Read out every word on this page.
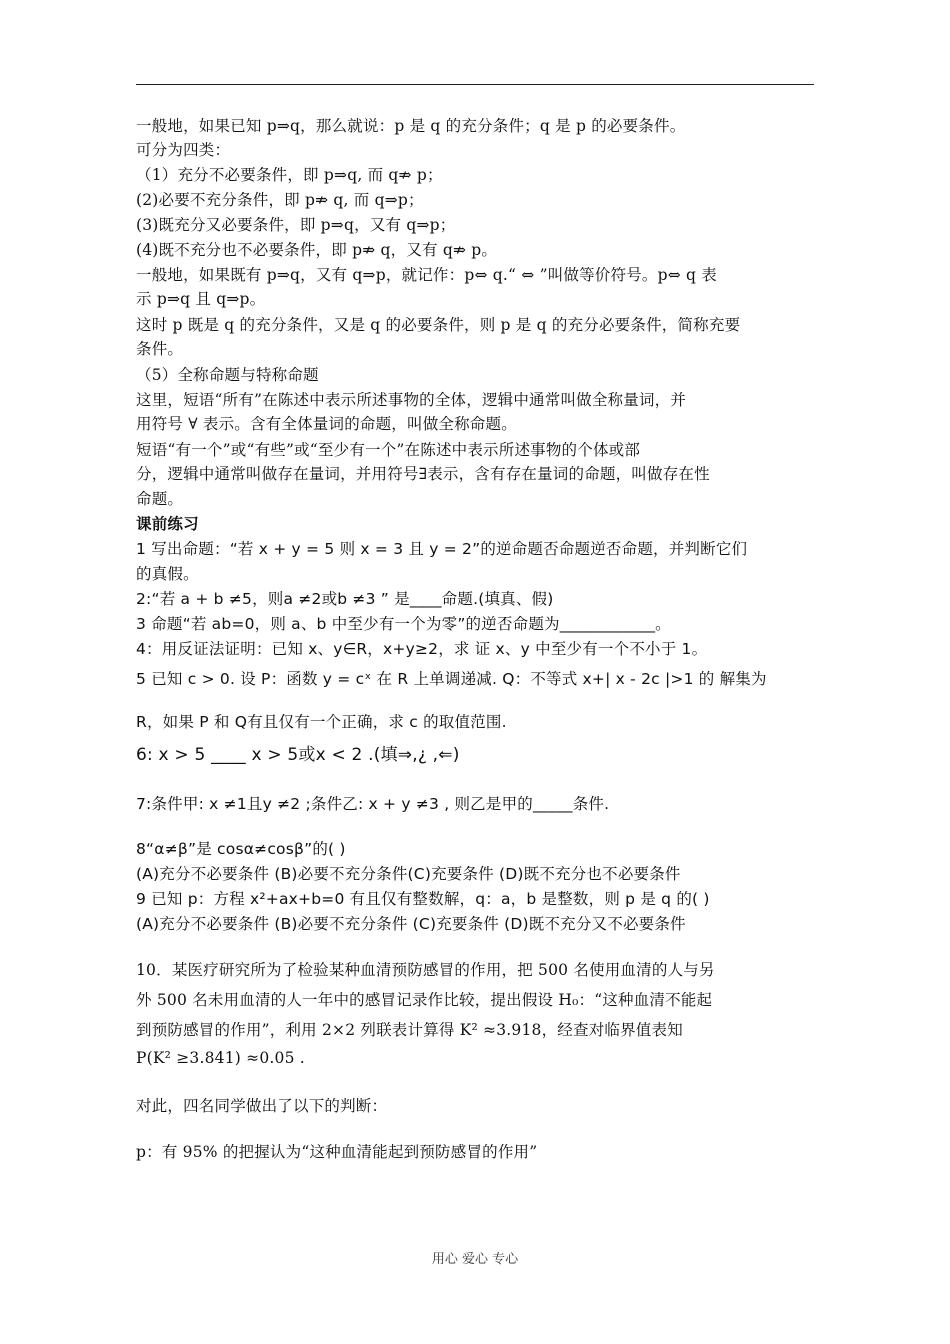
一般地，如果已知 p⇒q，那么就说：p 是 q 的充分条件；q 是 p 的必要条件。
可分为四类：
（1）充分不必要条件，即 p⇒q, 而 q⇏ p；
(2)必要不充分条件，即 p⇏ q, 而 q⇒p；
(3)既充分又必要条件，即 p⇒q，又有 q⇒p；
(4)既不充分也不必要条件，即 p⇏ q，又有 q⇏ p。
一般地，如果既有 p⇒q，又有 q⇒p，就记作：p⇔ q.“ ⇔ ”叫做等价符号。p⇔ q 表
示 p⇒q 且 q⇒p。
这时 p 既是 q 的充分条件，又是 q 的必要条件，则 p 是 q 的充分必要条件，简称充要
条件。
（5）全称命题与特称命题
这里，短语“所有”在陈述中表示所述事物的全体，逻辑中通常叫做全称量词，并
用符号 ∀ 表示。含有全体量词的命题，叫做全称命题。
短语“有一个”或“有些”或“至少有一个”在陈述中表示所述事物的个体或部
分，逻辑中通常叫做存在量词，并用符号∃表示，含有存在量词的命题，叫做存在性
命题。
课前练习
1 写出命题：“若 x + y = 5 则 x = 3 且 y = 2”的逆命题否命题逆否命题，并判断它们
的真假。
2:“若 a + b ≠5，则a ≠2或b ≠3 ” 是____命题.(填真、假)
3 命题“若 ab=0，则 a、b 中至少有一个为零”的逆否命题为____________。
4：用反证法证明：已知 x、y∈R，x+y≥2，求 证 x、y 中至少有一个不小于 1。
5 已知 c > 0. 设 P：函数 y = cˣ 在 R 上单调递减. Q：不等式 x+| x - 2c |>1 的 解集为
R，如果 P 和 Q有且仅有一个正确，求 c 的取值范围.
6: x > 5 ____ x > 5或x < 2 .(填⇒,¿ ,⇐)
7:条件甲: x ≠1且y ≠2 ;条件乙: x + y ≠3 , 则乙是甲的_____条件.
8“α≠β”是 cosα≠cosβ”的( )
(A)充分不必要条件 (B)必要不充分条件(C)充要条件 (D)既不充分也不必要条件
9 已知 p：方程 x²+ax+b=0 有且仅有整数解，q：a，b 是整数，则 p 是 q 的( )
(A)充分不必要条件 (B)必要不充分条件 (C)充要条件 (D)既不充分又不必要条件
10．某医疗研究所为了检验某种血清预防感冒的作用，把 500 名使用血清的人与另
外 500 名未用血清的人一年中的感冒记录作比较，提出假设 H₀：“这种血清不能起
到预防感冒的作用”，利用 2×2 列联表计算得 K² ≈3.918，经查对临界值表知
P(K² ≥3.841) ≈0.05 .
对此，四名同学做出了以下的判断：
p：有 95% 的把握认为“这种血清能起到预防感冒的作用”
用心 爱心 专心
